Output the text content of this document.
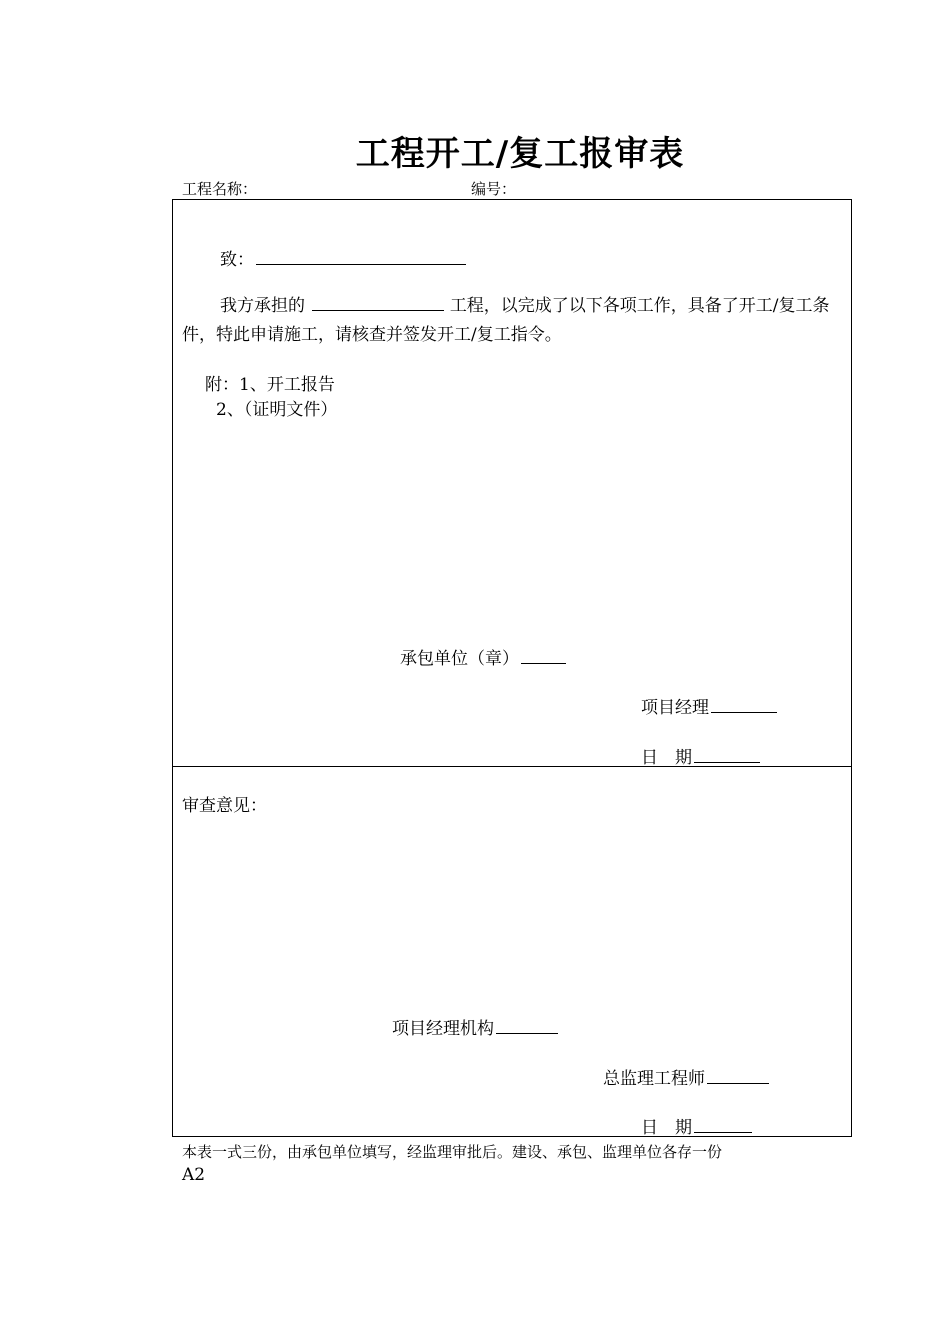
工程开工/复工报审表
工程名称：	编号：
致：
我方承担的	工程，以完成了以下各项工作，具备了开工/复工条件，特此申请施工，请核查并签发开工/复工指令。
附：1、开工报告
2、（证明文件）
承包单位（章）
项目经理
日　期
审查意见：
项目经理机构
总监理工程师
日　期
本表一式三份，由承包单位填写，经监理审批后。建设、承包、监理单位各存一份
A2
